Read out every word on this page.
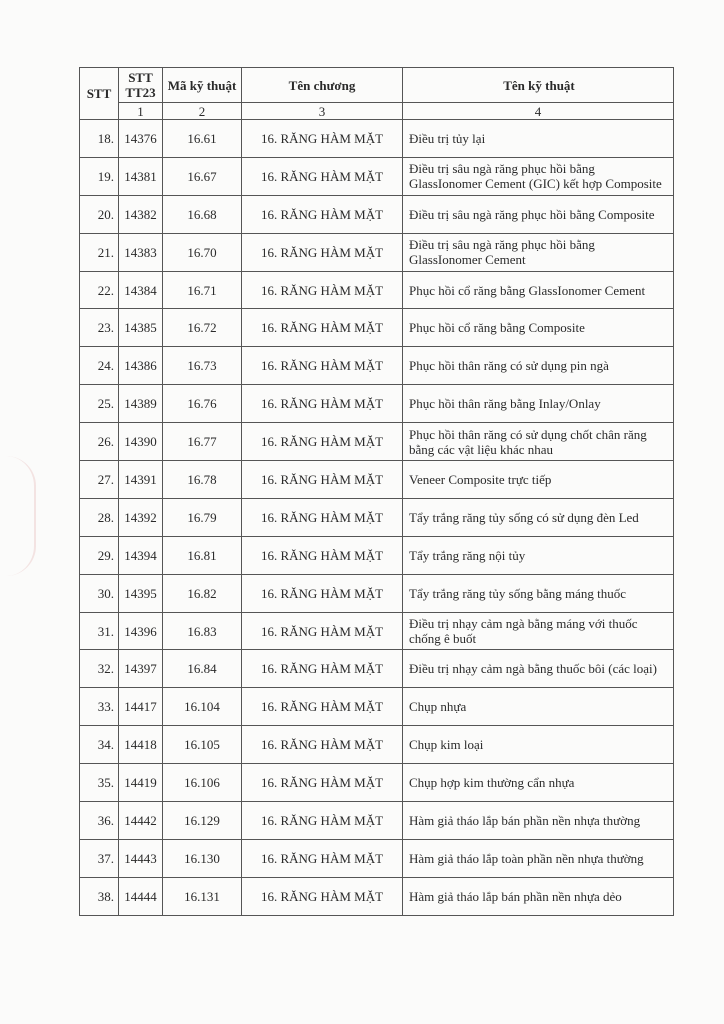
STT	STT TT23	Mã kỹ thuật	Tên chương	Tên kỹ thuật
	1	2	3	4
18.	14376	16.61	16. RĂNG HÀM MẶT	Điều trị tủy lại
19.	14381	16.67	16. RĂNG HÀM MẶT	Điều trị sâu ngà răng phục hồi bằng GlassIonomer Cement (GIC) kết hợp Composite
20.	14382	16.68	16. RĂNG HÀM MẶT	Điều trị sâu ngà răng phục hồi bằng Composite
21.	14383	16.70	16. RĂNG HÀM MẶT	Điều trị sâu ngà răng phục hồi bằng GlassIonomer Cement
22.	14384	16.71	16. RĂNG HÀM MẶT	Phục hồi cổ răng bằng GlassIonomer Cement
23.	14385	16.72	16. RĂNG HÀM MẶT	Phục hồi cổ răng bằng Composite
24.	14386	16.73	16. RĂNG HÀM MẶT	Phục hồi thân răng có sử dụng pin ngà
25.	14389	16.76	16. RĂNG HÀM MẶT	Phục hồi thân răng bằng Inlay/Onlay
26.	14390	16.77	16. RĂNG HÀM MẶT	Phục hồi thân răng có sử dụng chốt chân răng bằng các vật liệu khác nhau
27.	14391	16.78	16. RĂNG HÀM MẶT	Veneer Composite trực tiếp
28.	14392	16.79	16. RĂNG HÀM MẶT	Tẩy trắng răng tủy sống có sử dụng đèn Led
29.	14394	16.81	16. RĂNG HÀM MẶT	Tẩy trắng răng nội tủy
30.	14395	16.82	16. RĂNG HÀM MẶT	Tẩy trắng răng tủy sống bằng máng thuốc
31.	14396	16.83	16. RĂNG HÀM MẶT	Điều trị nhạy cảm ngà bằng máng với thuốc chống ê buốt
32.	14397	16.84	16. RĂNG HÀM MẶT	Điều trị nhạy cảm ngà bằng thuốc bôi (các loại)
33.	14417	16.104	16. RĂNG HÀM MẶT	Chụp nhựa
34.	14418	16.105	16. RĂNG HÀM MẶT	Chụp kim loại
35.	14419	16.106	16. RĂNG HÀM MẶT	Chụp hợp kim thường cẩn nhựa
36.	14442	16.129	16. RĂNG HÀM MẶT	Hàm giả tháo lắp bán phần nền nhựa thường
37.	14443	16.130	16. RĂNG HÀM MẶT	Hàm giả tháo lắp toàn phần nền nhựa thường
38.	14444	16.131	16. RĂNG HÀM MẶT	Hàm giả tháo lắp bán phần nền nhựa dẻo
